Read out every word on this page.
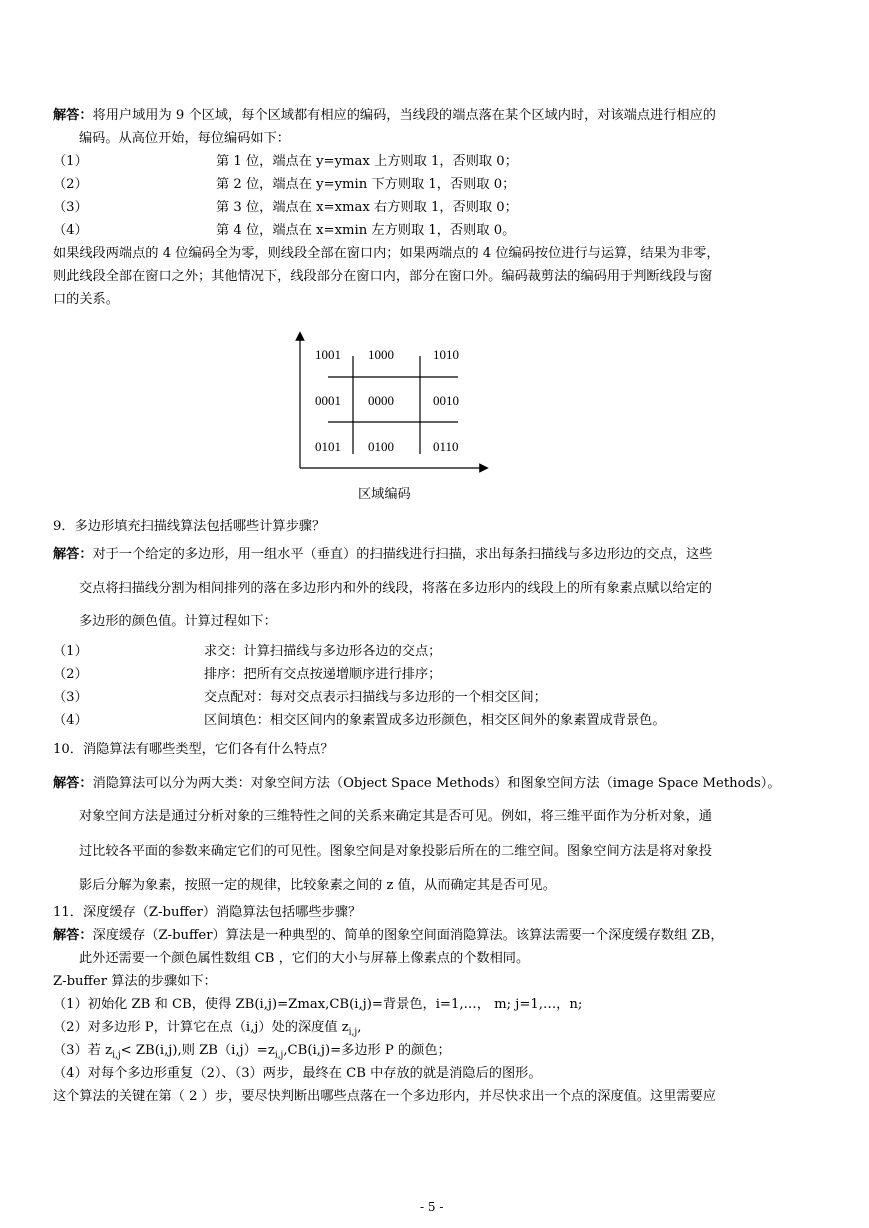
解答：将用户域用为 9 个区域，每个区域都有相应的编码，当线段的端点落在某个区域内时，对该端点进行相应的
编码。从高位开始，每位编码如下：
（1）	第 1 位，端点在 y=ymax 上方则取 1，否则取 0；
（2）	第 2 位，端点在 y=ymin 下方则取 1，否则取 0；
（3）	第 3 位，端点在 x=xmax 右方则取 1，否则取 0；
（4）	第 4 位，端点在 x=xmin 左方则取 1，否则取 0。
如果线段两端点的 4 位编码全为零，则线段全部在窗口内；如果两端点的 4 位编码按位进行与运算，结果为非零，
则此线段全部在窗口之外；其他情况下，线段部分在窗口内，部分在窗口外。编码裁剪法的编码用于判断线段与窗
口的关系。
1001 1000	1010
0001 0000	0010
0101 0100	0110
区域编码
9．多边形填充扫描线算法包括哪些计算步骤？
解答：对于一个给定的多边形，用一组水平（垂直）的扫描线进行扫描，求出每条扫描线与多边形边的交点，这些
交点将扫描线分割为相间排列的落在多边形内和外的线段，将落在多边形内的线段上的所有象素点赋以给定的
多边形的颜色值。计算过程如下：
（1）	求交：计算扫描线与多边形各边的交点；
（2）	排序：把所有交点按递增顺序进行排序；
（3）	交点配对：每对交点表示扫描线与多边形的一个相交区间；
（4）	区间填色：相交区间内的象素置成多边形颜色，相交区间外的象素置成背景色。
10．消隐算法有哪些类型，它们各有什么特点？
解答：消隐算法可以分为两大类：对象空间方法（Object Space Methods）和图象空间方法（image Space Methods）。
对象空间方法是通过分析对象的三维特性之间的关系来确定其是否可见。例如，将三维平面作为分析对象，通
过比较各平面的参数来确定它们的可见性。图象空间是对象投影后所在的二维空间。图象空间方法是将对象投
影后分解为象素，按照一定的规律，比较象素之间的 z 值，从而确定其是否可见。
11．深度缓存（Z-buffer）消隐算法包括哪些步骤？
解答：深度缓存（Z-buffer）算法是一种典型的、简单的图象空间面消隐算法。该算法需要一个深度缓存数组 ZB，
此外还需要一个颜色属性数组 CB ，它们的大小与屏幕上像素点的个数相同。
Z-buffer 算法的步骤如下：
（1）初始化 ZB 和 CB，使得 ZB(i,j)=Zmax,CB(i,j)=背景色，i=1,…， m; j=1,…，n;
（2）对多边形 P，计算它在点（i,j）处的深度值 $z_{i,j}$,
（3）若 $z_{i,j}< ZB(i,j)$,则 $ZB(i,j)=z_{i,j},CB(i,j)=$多边形 P 的颜色；
（4）对每个多边形重复（2）、（3）两步，最终在 CB 中存放的就是消隐后的图形。
这个算法的关键在第（ 2 ）步，要尽快判断出哪些点落在一个多边形内，并尽快求出一个点的深度值。这里需要应
- 5 -
